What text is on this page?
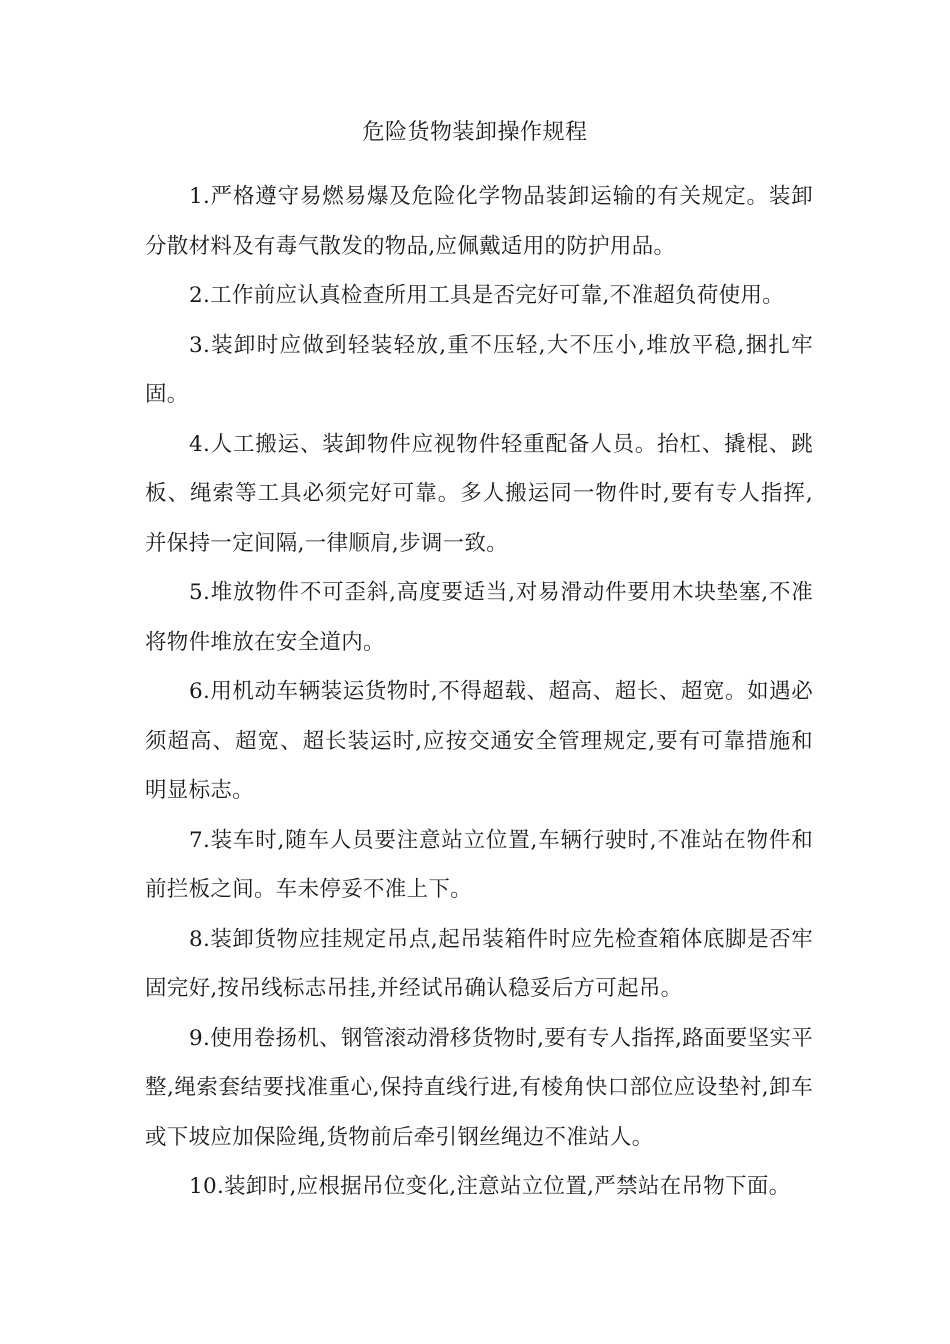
危险货物装卸操作规程

1.严格遵守易燃易爆及危险化学物品装卸运输的有关规定。装卸分散材料及有毒气散发的物品,应佩戴适用的防护用品。

2.工作前应认真检查所用工具是否完好可靠,不准超负荷使用。

3.装卸时应做到轻装轻放,重不压轻,大不压小,堆放平稳,捆扎牢固。

4.人工搬运、装卸物件应视物件轻重配备人员。抬杠、撬棍、跳板、绳索等工具必须完好可靠。多人搬运同一物件时,要有专人指挥,并保持一定间隔,一律顺肩,步调一致。

5.堆放物件不可歪斜,高度要适当,对易滑动件要用木块垫塞,不准将物件堆放在安全道内。

6.用机动车辆装运货物时,不得超载、超高、超长、超宽。如遇必须超高、超宽、超长装运时,应按交通安全管理规定,要有可靠措施和明显标志。

7.装车时,随车人员要注意站立位置,车辆行驶时,不准站在物件和前拦板之间。车未停妥不准上下。

8.装卸货物应挂规定吊点,起吊装箱件时应先检查箱体底脚是否牢固完好,按吊线标志吊挂,并经试吊确认稳妥后方可起吊。

9.使用卷扬机、钢管滚动滑移货物时,要有专人指挥,路面要坚实平整,绳索套结要找准重心,保持直线行进,有棱角快口部位应设垫衬,卸车或下坡应加保险绳,货物前后牵引钢丝绳边不准站人。

10.装卸时,应根据吊位变化,注意站立位置,严禁站在吊物下面。
